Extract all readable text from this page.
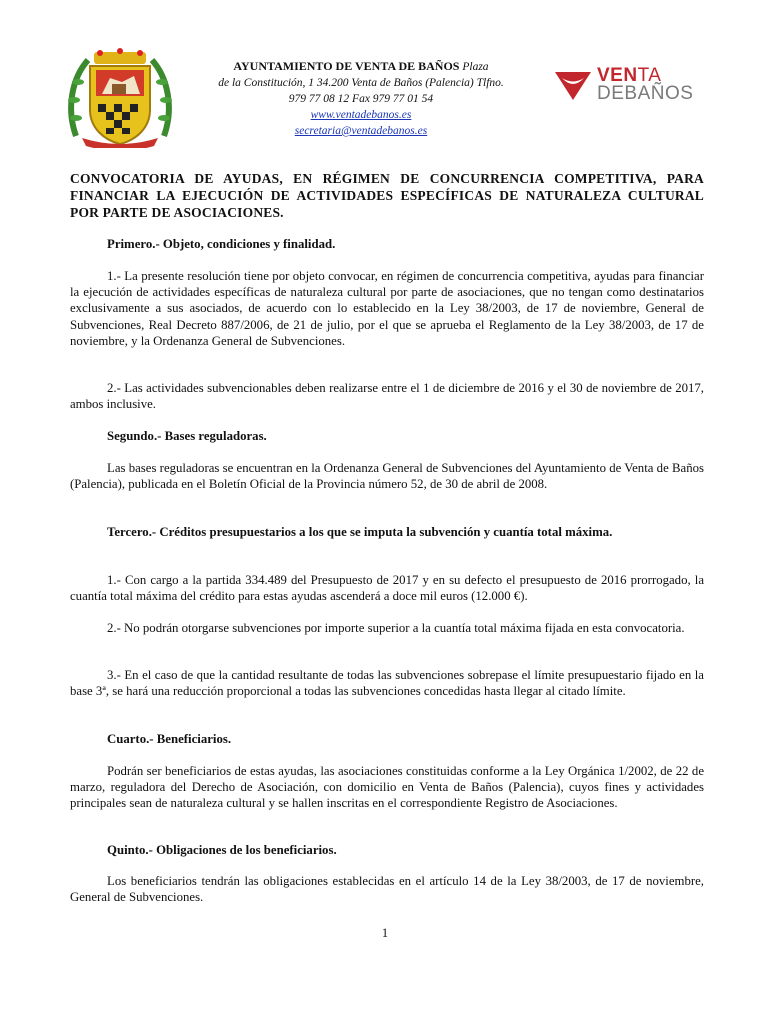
AYUNTAMIENTO DE VENTA DE BAÑOS Plaza
de la Constitución, 1 34.200 Venta de Baños (Palencia) Tlfno.
979 77 08 12 Fax 979 77 01 54
www.ventadebanos.es
secretaria@ventadebanos.es
VENTA
DEBAÑOS
CONVOCATORIA DE AYUDAS, EN RÉGIMEN DE CONCURRENCIA COMPETITIVA, PARA FINANCIAR LA EJECUCIÓN DE ACTIVIDADES ESPECÍFICAS DE NATURALEZA CULTURAL POR PARTE DE ASOCIACIONES.
Primero.- Objeto, condiciones y finalidad.
1.- La presente resolución tiene por objeto convocar, en régimen de concurrencia competitiva, ayudas para financiar la ejecución de actividades específicas de naturaleza cultural por parte de asociaciones, que no tengan como destinatarios exclusivamente a sus asociados, de acuerdo con lo establecido en la Ley 38/2003, de 17 de noviembre, General de Subvenciones, Real Decreto 887/2006, de 21 de julio, por el que se aprueba el Reglamento de la Ley 38/2003, de 17 de noviembre, y la Ordenanza General de Subvenciones.
2.- Las actividades subvencionables deben realizarse entre el 1 de diciembre de 2016 y el 30 de noviembre de 2017, ambos inclusive.
Segundo.- Bases reguladoras.
Las bases reguladoras se encuentran en la Ordenanza General de Subvenciones del Ayuntamiento de Venta de Baños (Palencia), publicada en el Boletín Oficial de la Provincia número 52, de 30 de abril de 2008.
Tercero.- Créditos presupuestarios a los que se imputa la subvención y cuantía total máxima.
1.- Con cargo a la partida 334.489 del Presupuesto de 2017 y en su defecto el presupuesto de 2016 prorrogado, la cuantía total máxima del crédito para estas ayudas ascenderá a doce mil euros (12.000 €).
2.- No podrán otorgarse subvenciones por importe superior a la cuantía total máxima fijada en esta convocatoria.
3.- En el caso de que la cantidad resultante de todas las subvenciones sobrepase el límite presupuestario fijado en la base 3ª, se hará una reducción proporcional a todas las subvenciones concedidas hasta llegar al citado límite.
Cuarto.- Beneficiarios.
Podrán ser beneficiarios de estas ayudas, las asociaciones constituidas conforme a la Ley Orgánica 1/2002, de 22 de marzo, reguladora del Derecho de Asociación, con domicilio en Venta de Baños (Palencia), cuyos fines y actividades principales sean de naturaleza cultural y se hallen inscritas en el correspondiente Registro de Asociaciones.
Quinto.- Obligaciones de los beneficiarios.
Los beneficiarios tendrán las obligaciones establecidas en el artículo 14 de la Ley 38/2003, de 17 de noviembre, General de Subvenciones.
1
